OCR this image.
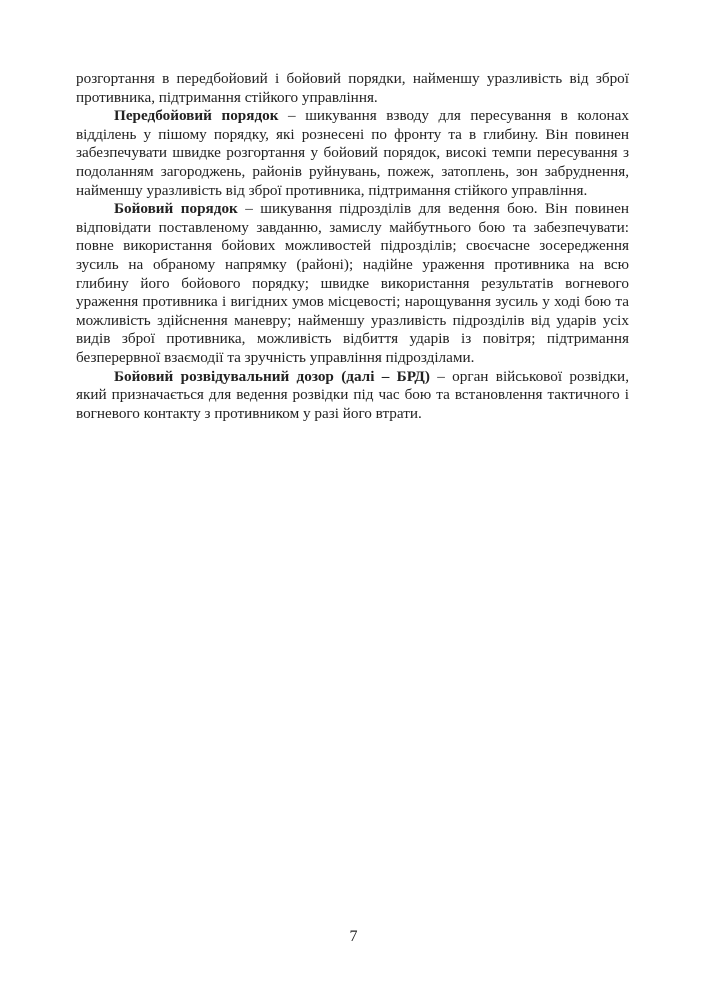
розгортання в передбойовий і бойовий порядки, найменшу уразливість від зброї противника, підтримання стійкого управління.

Передбойовий порядок – шикування взводу для пересування в колонах відділень у пішому порядку, які рознесені по фронту та в глибину. Він повинен забезпечувати швидке розгортання у бойовий порядок, високі темпи пересування з подоланням загороджень, районів руйнувань, пожеж, затоплень, зон забруднення, найменшу уразливість від зброї противника, підтримання стійкого управління.

Бойовий порядок – шикування підрозділів для ведення бою. Він повинен відповідати поставленому завданню, замислу майбутнього бою та забезпечувати: повне використання бойових можливостей підрозділів; своєчасне зосередження зусиль на обраному напрямку (районі); надійне ураження противника на всю глибину його бойового порядку; швидке використання результатів вогневого ураження противника і вигідних умов місцевості; нарощування зусиль у ході бою та можливість здійснення маневру; найменшу уразливість підрозділів від ударів усіх видів зброї противника, можливість відбиття ударів із повітря; підтримання безперервної взаємодії та зручність управління підрозділами.

Бойовий розвідувальний дозор (далі – БРД) – орган військової розвідки, який призначається для ведення розвідки під час бою та встановлення тактичного і вогневого контакту з противником у разі його втрати.

7
